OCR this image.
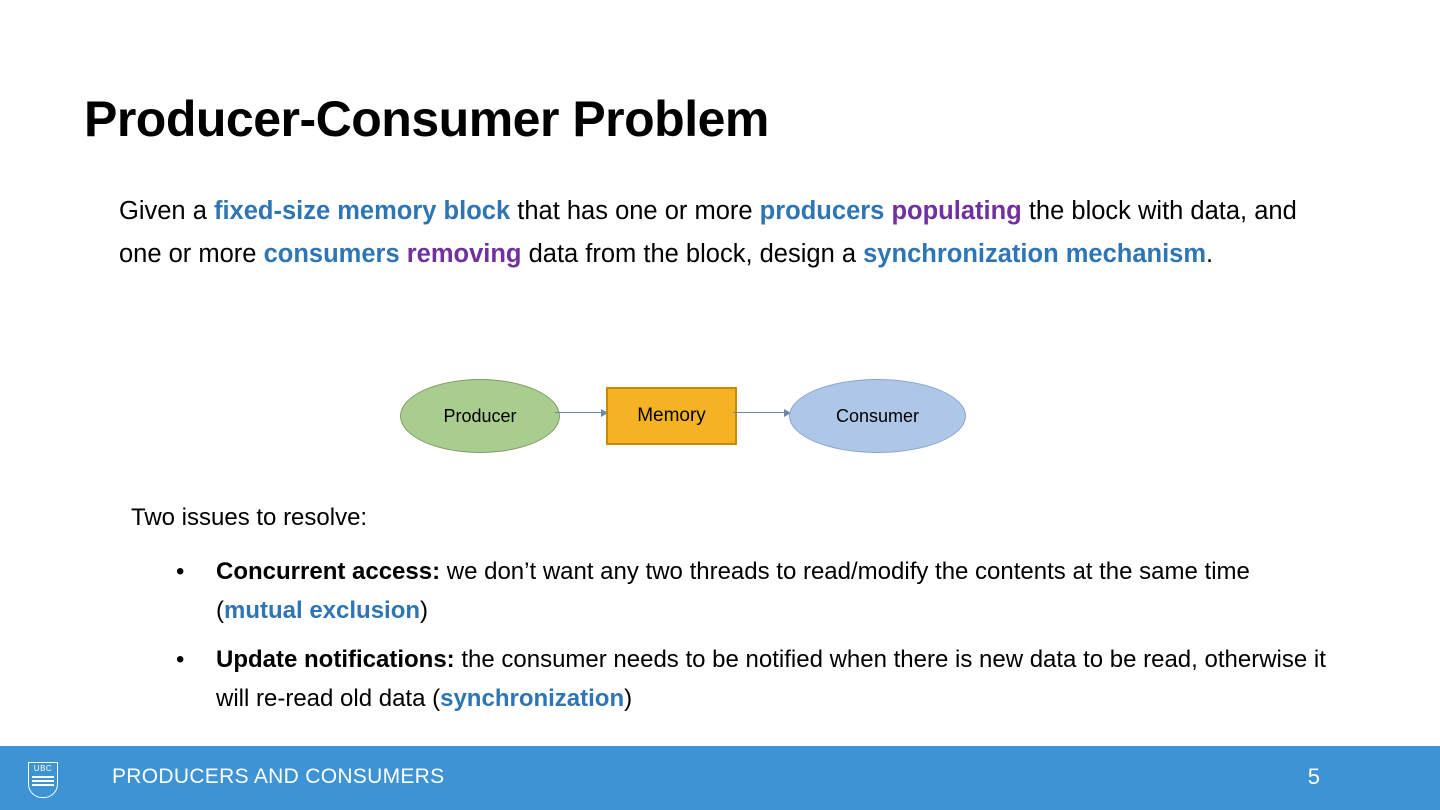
Producer-Consumer Problem
Given a fixed-size memory block that has one or more producers populating the block with data, and one or more consumers removing data from the block, design a synchronization mechanism.
Producer	Memory	Consumer
Two issues to resolve:
• Concurrent access: we don’t want any two threads to read/modify the contents at the same time (mutual exclusion)
• Update notifications: the consumer needs to be notified when there is new data to be read, otherwise it will re-read old data (synchronization)
UBC	PRODUCERS AND CONSUMERS	5
